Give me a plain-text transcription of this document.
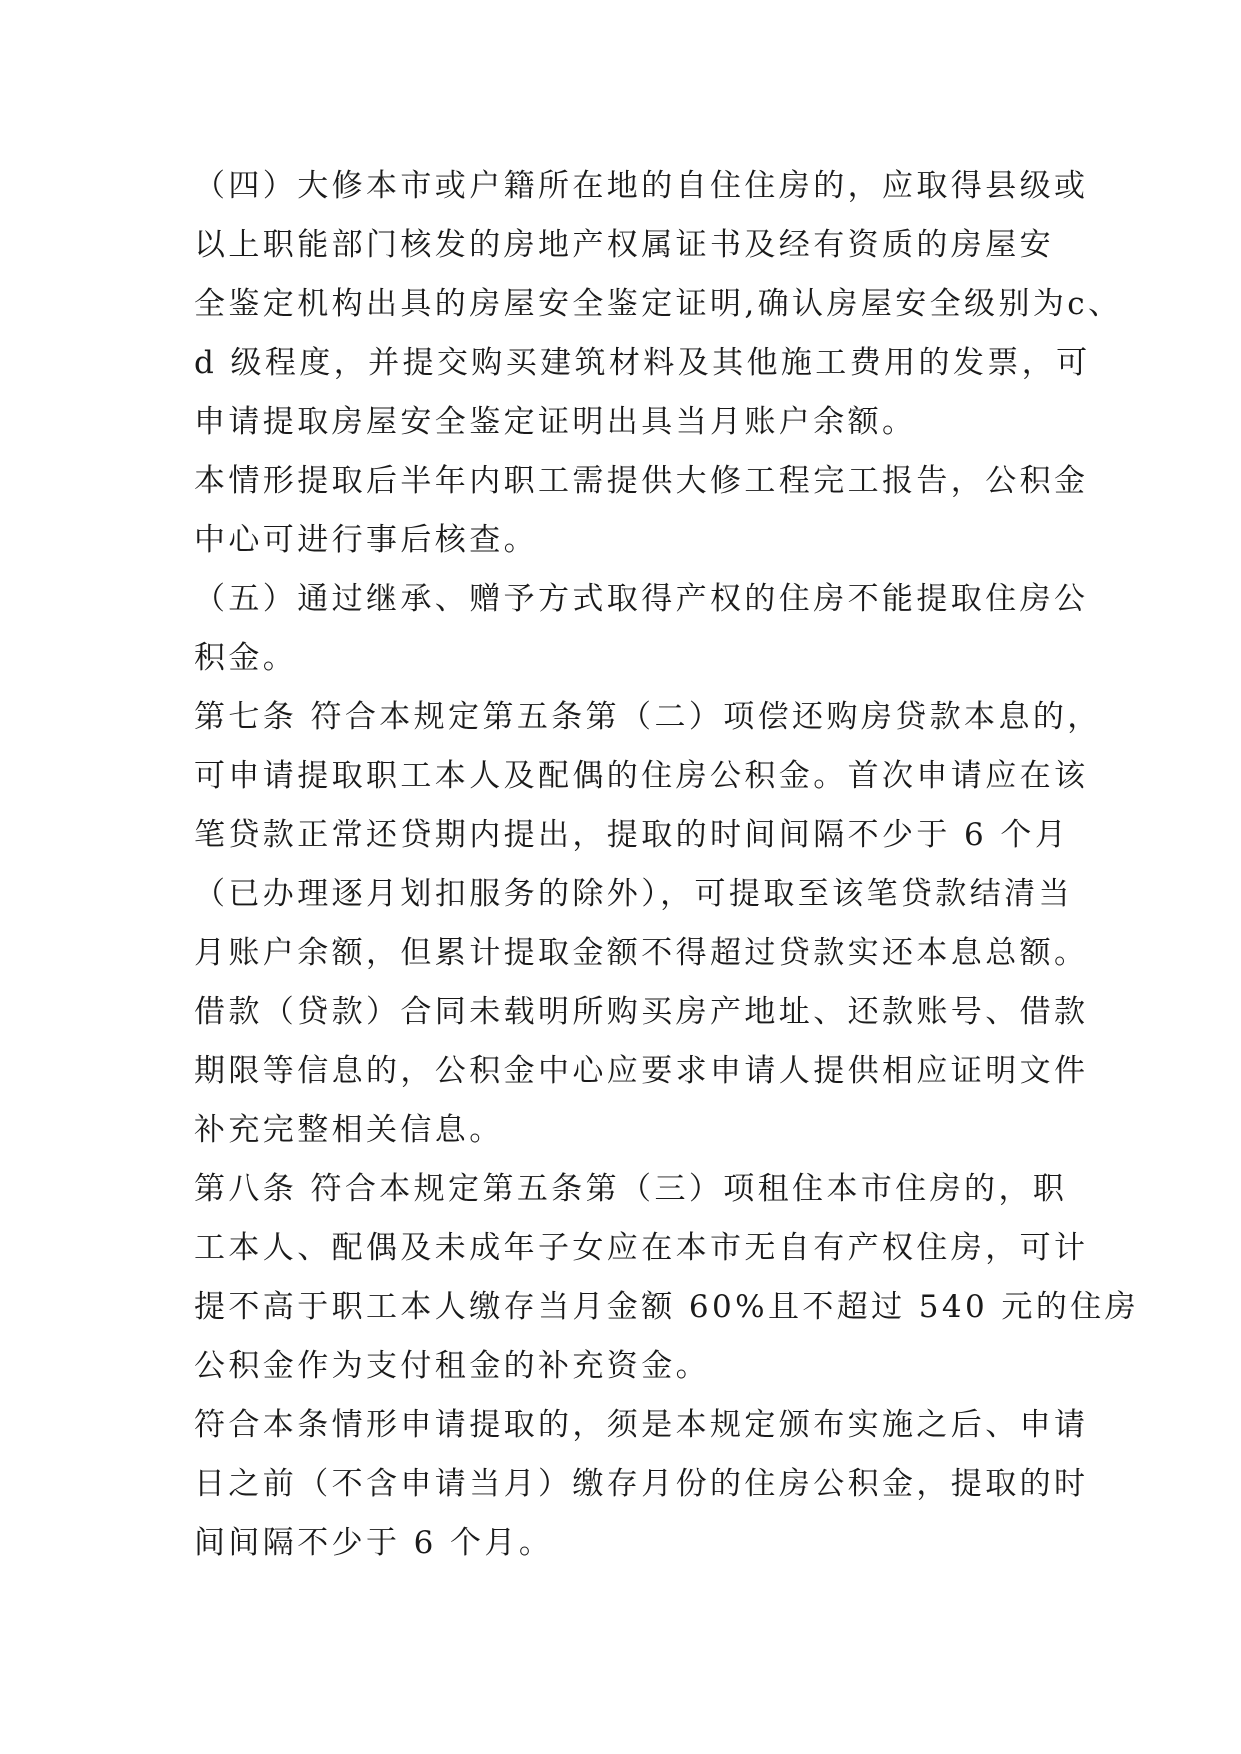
（四）大修本市或户籍所在地的自住住房的，应取得县级或
以上职能部门核发的房地产权属证书及经有资质的房屋安
全鉴定机构出具的房屋安全鉴定证明,确认房屋安全级别为c、
d 级程度，并提交购买建筑材料及其他施工费用的发票，可
申请提取房屋安全鉴定证明出具当月账户余额。
本情形提取后半年内职工需提供大修工程完工报告，公积金
中心可进行事后核查。
（五）通过继承、赠予方式取得产权的住房不能提取住房公
积金。
第七条 符合本规定第五条第（二）项偿还购房贷款本息的，
可申请提取职工本人及配偶的住房公积金。首次申请应在该
笔贷款正常还贷期内提出，提取的时间间隔不少于 6 个月
（已办理逐月划扣服务的除外），可提取至该笔贷款结清当
月账户余额，但累计提取金额不得超过贷款实还本息总额。
借款（贷款）合同未载明所购买房产地址、还款账号、借款
期限等信息的，公积金中心应要求申请人提供相应证明文件
补充完整相关信息。
第八条 符合本规定第五条第（三）项租住本市住房的，职
工本人、配偶及未成年子女应在本市无自有产权住房，可计
提不高于职工本人缴存当月金额 60%且不超过 540 元的住房
公积金作为支付租金的补充资金。
符合本条情形申请提取的，须是本规定颁布实施之后、申请
日之前（不含申请当月）缴存月份的住房公积金，提取的时
间间隔不少于 6 个月。
